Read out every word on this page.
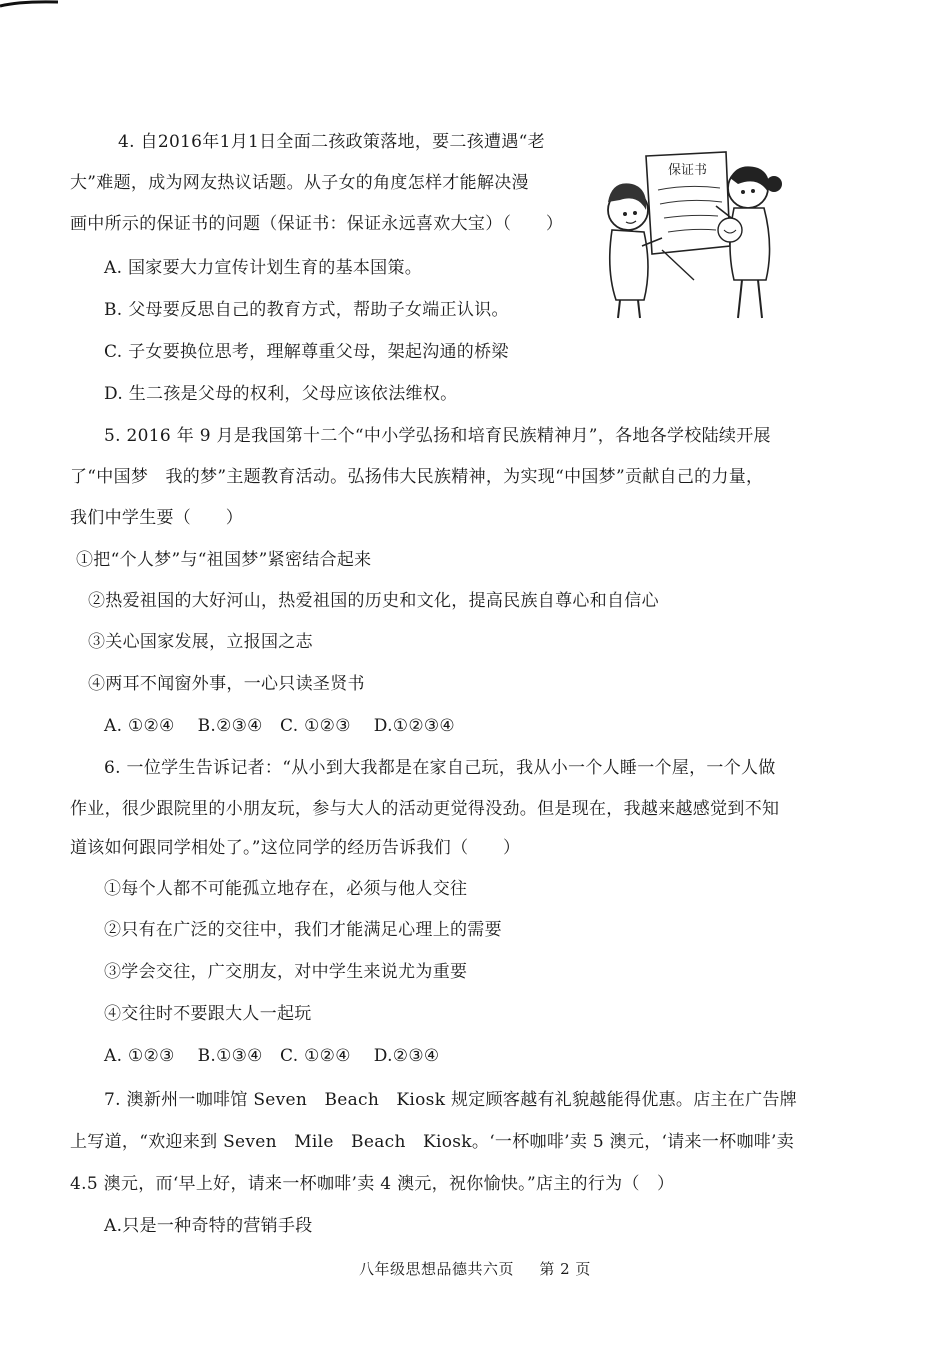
4. 自2016年1月1日全面二孩政策落地，要二孩遭遇“老
大”难题，成为网友热议话题。从子女的角度怎样才能解决漫
画中所示的保证书的问题（保证书：保证永远喜欢大宝）（　　）
A. 国家要大力宣传计划生育的基本国策。
B. 父母要反思自己的教育方式，帮助子女端正认识。
C. 子女要换位思考，理解尊重父母，架起沟通的桥梁
D. 生二孩是父母的权利，父母应该依法维权。
保证书
5. 2016 年 9 月是我国第十二个“中小学弘扬和培育民族精神月”，各地各学校陆续开展
了“中国梦　我的梦”主题教育活动。弘扬伟大民族精神，为实现“中国梦”贡献自己的力量，
我们中学生要（　　）
①把“个人梦”与“祖国梦”紧密结合起来
②热爱祖国的大好河山，热爱祖国的历史和文化，提高民族自尊心和自信心
③关心国家发展，立报国之志
④两耳不闻窗外事，一心只读圣贤书
A. ①②④　 B.②③④　C. ①②③　 D.①②③④
6. 一位学生告诉记者：“从小到大我都是在家自己玩，我从小一个人睡一个屋，一个人做
作业，很少跟院里的小朋友玩，参与大人的活动更觉得没劲。但是现在，我越来越感觉到不知
道该如何跟同学相处了。”这位同学的经历告诉我们（　　）
①每个人都不可能孤立地存在，必须与他人交往
②只有在广泛的交往中，我们才能满足心理上的需要
③学会交往，广交朋友，对中学生来说尤为重要
④交往时不要跟大人一起玩
A. ①②③　 B.①③④　C. ①②④　 D.②③④
7. 澳新州一咖啡馆 Seven　Beach　Kiosk 规定顾客越有礼貌越能得优惠。店主在广告牌
上写道，“欢迎来到 Seven　Mile　Beach　Kiosk。‘一杯咖啡’卖 5 澳元，‘请来一杯咖啡’卖
4.5 澳元，而‘早上好，请来一杯咖啡’卖 4 澳元，祝你愉快。”店主的行为（　）
A.只是一种奇特的营销手段
八年级思想品德共六页 第 2 页
